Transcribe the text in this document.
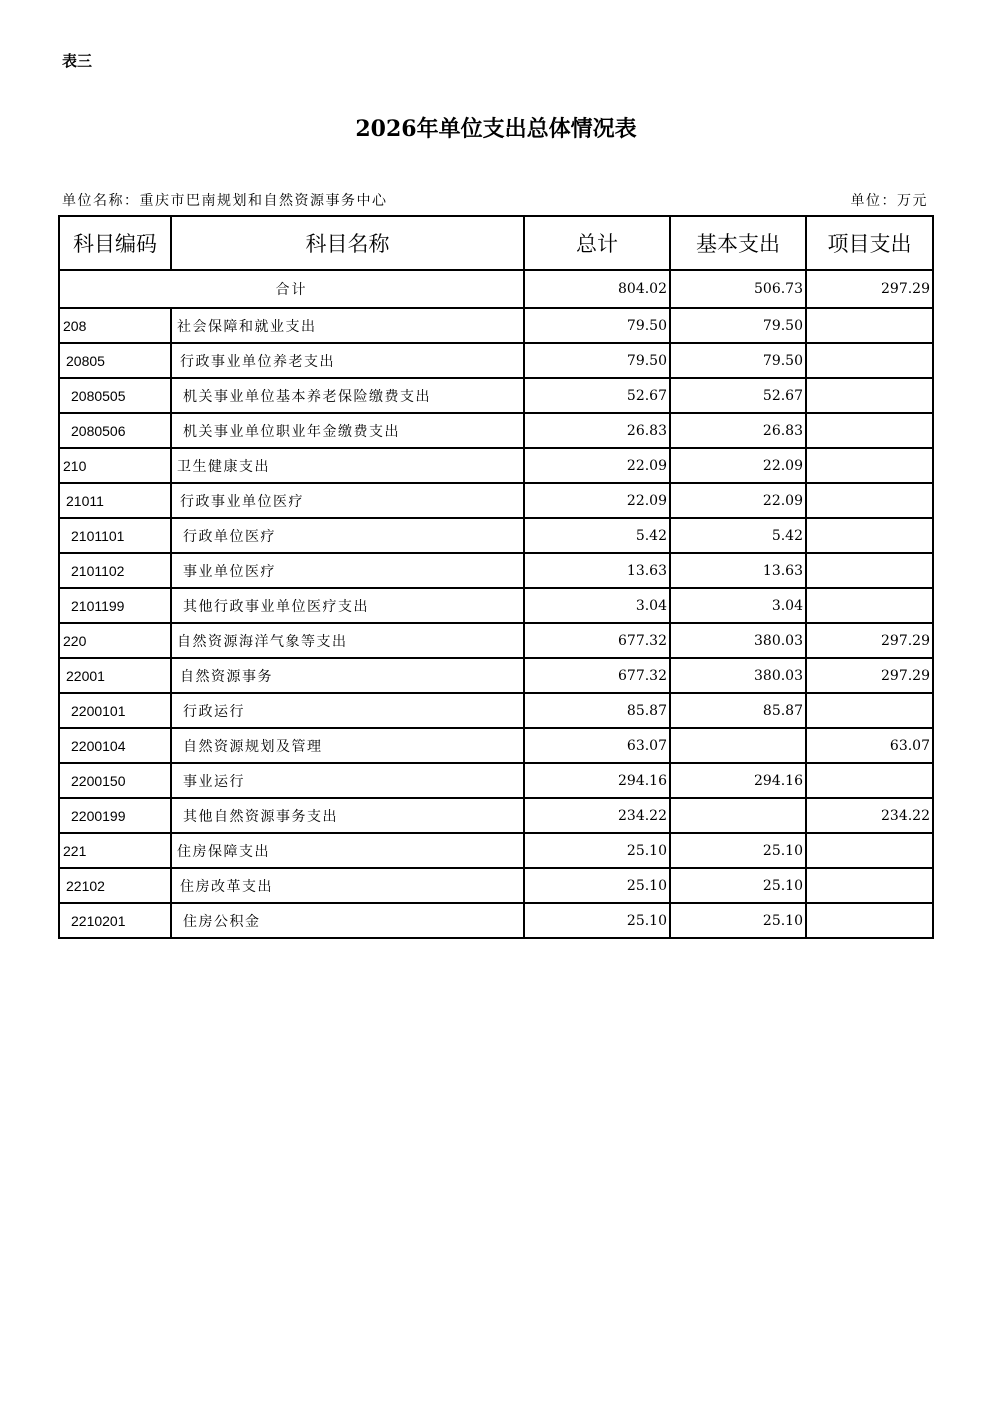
表三
2026年单位支出总体情况表
单位名称：重庆市巴南规划和自然资源事务中心	单位：万元
科目编码	科目名称	总计	基本支出	项目支出
合计		804.02	506.73	297.29
208	社会保障和就业支出	79.50	79.50	
20805	行政事业单位养老支出	79.50	79.50	
2080505	机关事业单位基本养老保险缴费支出	52.67	52.67	
2080506	机关事业单位职业年金缴费支出	26.83	26.83	
210	卫生健康支出	22.09	22.09	
21011	行政事业单位医疗	22.09	22.09	
2101101	行政单位医疗	5.42	5.42	
2101102	事业单位医疗	13.63	13.63	
2101199	其他行政事业单位医疗支出	3.04	3.04	
220	自然资源海洋气象等支出	677.32	380.03	297.29
22001	自然资源事务	677.32	380.03	297.29
2200101	行政运行	85.87	85.87	
2200104	自然资源规划及管理	63.07		63.07
2200150	事业运行	294.16	294.16	
2200199	其他自然资源事务支出	234.22		234.22
221	住房保障支出	25.10	25.10	
22102	住房改革支出	25.10	25.10	
2210201	住房公积金	25.10	25.10	
